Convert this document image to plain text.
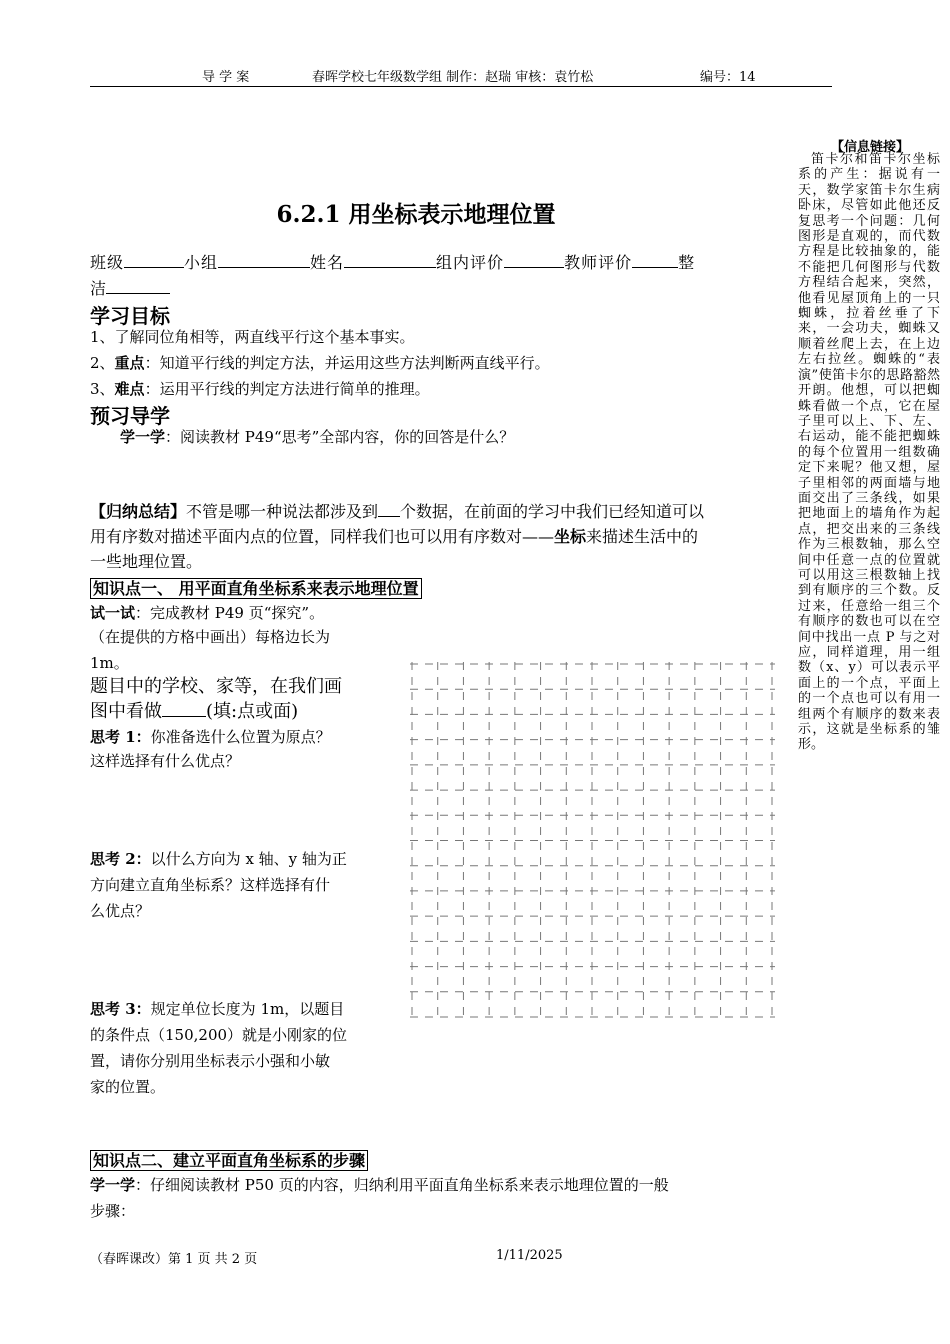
导 学 案	春晖学校七年级数学组 制作：赵瑞 审核：袁竹松	编号：14
6.2.1 用坐标表示地理位置
班级	小组	姓名	组内评价	教师评价	整
洁
学习目标
1、了解同位角相等，两直线平行这个基本事实。
2、重点：知道平行线的判定方法，并运用这些方法判断两直线平行。
3、难点：运用平行线的判定方法进行简单的推理。
预习导学
学一学：阅读教材 P49“思考”全部内容，你的回答是什么？
【归纳总结】不管是哪一种说法都涉及到 个数据，在前面的学习中我们已经知道可以
用有序数对描述平面内点的位置，同样我们也可以用有序数对——坐标来描述生活中的
一些地理位置。
知识点一、 用平面直角坐标系来表示地理位置
试一试：完成教材 P49 页“探究”。
（在提供的方格中画出）每格边长为
1m。
题目中的学校、家等，在我们画
图中看做 (填:点或面)
思考 1：你准备选什么位置为原点？
这样选择有什么优点？
思考 2：以什么方向为 x 轴、y 轴为正
方向建立直角坐标系？这样选择有什
么优点？
思考 3：规定单位长度为 1m，以题目
的条件点（150,200）就是小刚家的位
置，请你分别用坐标表示小强和小敏
家的位置。
知识点二、建立平面直角坐标系的步骤
学一学：仔细阅读教材 P50 页的内容，归纳利用平面直角坐标系来表示地理位置的一般
步骤：
【信息链接】
笛卡尔和笛卡尔坐标系的产生：据说有一天，数学家笛卡尔生病卧床，尽管如此他还反复思考一个问题：几何图形是直观的，而代数方程是比较抽象的，能不能把几何图形与代数方程结合起来，突然，他看见屋顶角上的一只蜘蛛，拉着丝垂了下来，一会功夫，蜘蛛又顺着丝爬上去，在上边左右拉丝。蜘蛛的“表演”使笛卡尔的思路豁然开朗。他想，可以把蜘蛛看做一个点，它在屋子里可以上、下、左、右运动，能不能把蜘蛛的每个位置用一组数确定下来呢？他又想，屋子里相邻的两面墙与地面交出了三条线，如果把地面上的墙角作为起点，把交出来的三条线作为三根数轴，那么空间中任意一点的位置就可以用这三根数轴上找到有顺序的三个数。反过来，任意给一组三个有顺序的数也可以在空间中找出一点 P 与之对应，同样道理，用一组数（x、y）可以表示平面上的一个点，平面上的一个点也可以有用一组两个有顺序的数来表示，这就是坐标系的雏形。
（春晖课改）第 1 页 共 2 页	1/11/2025
